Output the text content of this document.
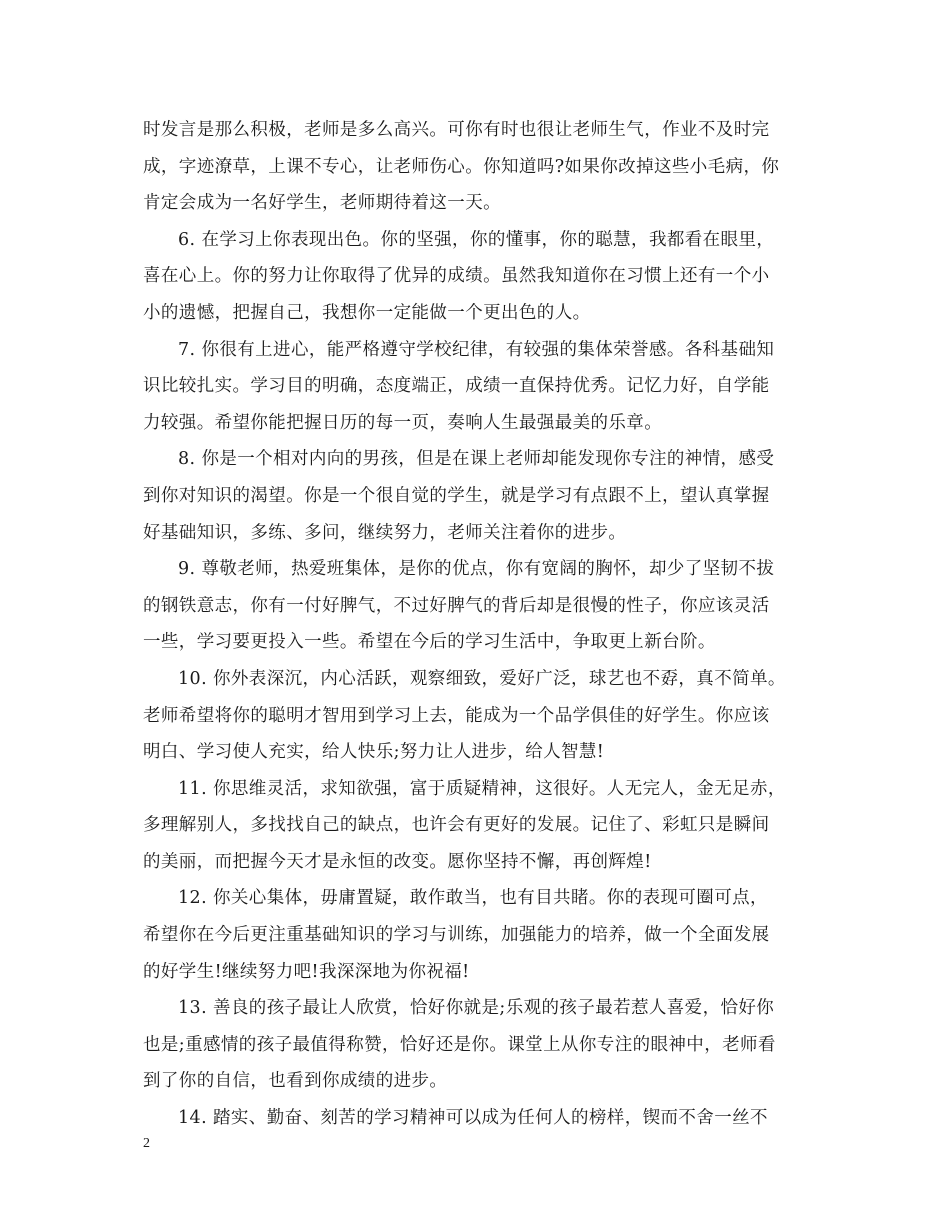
时发言是那么积极，老师是多么高兴。可你有时也很让老师生气，作业不及时完
成，字迹潦草，上课不专心，让老师伤心。你知道吗?如果你改掉这些小毛病，你
肯定会成为一名好学生，老师期待着这一天。
6. 在学习上你表现出色。你的坚强，你的懂事，你的聪慧，我都看在眼里，
喜在心上。你的努力让你取得了优异的成绩。虽然我知道你在习惯上还有一个小
小的遗憾，把握自己，我想你一定能做一个更出色的人。
7. 你很有上进心，能严格遵守学校纪律，有较强的集体荣誉感。各科基础知
识比较扎实。学习目的明确，态度端正，成绩一直保持优秀。记忆力好，自学能
力较强。希望你能把握日历的每一页，奏响人生最强最美的乐章。
8. 你是一个相对内向的男孩，但是在课上老师却能发现你专注的神情，感受
到你对知识的渴望。你是一个很自觉的学生，就是学习有点跟不上，望认真掌握
好基础知识，多练、多问，继续努力，老师关注着你的进步。
9. 尊敬老师，热爱班集体，是你的优点，你有宽阔的胸怀，却少了坚韧不拔
的钢铁意志，你有一付好脾气，不过好脾气的背后却是很慢的性子，你应该灵活
一些，学习要更投入一些。希望在今后的学习生活中，争取更上新台阶。
10. 你外表深沉，内心活跃，观察细致，爱好广泛，球艺也不孬，真不简单。
老师希望将你的聪明才智用到学习上去，能成为一个品学俱佳的好学生。你应该
明白、学习使人充实，给人快乐;努力让人进步，给人智慧!
11. 你思维灵活，求知欲强，富于质疑精神，这很好。人无完人，金无足赤，
多理解别人，多找找自己的缺点，也许会有更好的发展。记住了、彩虹只是瞬间
的美丽，而把握今天才是永恒的改变。愿你坚持不懈，再创辉煌!
12. 你关心集体，毋庸置疑，敢作敢当，也有目共睹。你的表现可圈可点，
希望你在今后更注重基础知识的学习与训练，加强能力的培养，做一个全面发展
的好学生!继续努力吧!我深深地为你祝福!
13. 善良的孩子最让人欣赏，恰好你就是;乐观的孩子最若惹人喜爱，恰好你
也是;重感情的孩子最值得称赞，恰好还是你。课堂上从你专注的眼神中，老师看
到了你的自信，也看到你成绩的进步。
14. 踏实、勤奋、刻苦的学习精神可以成为任何人的榜样，锲而不舍一丝不
2
